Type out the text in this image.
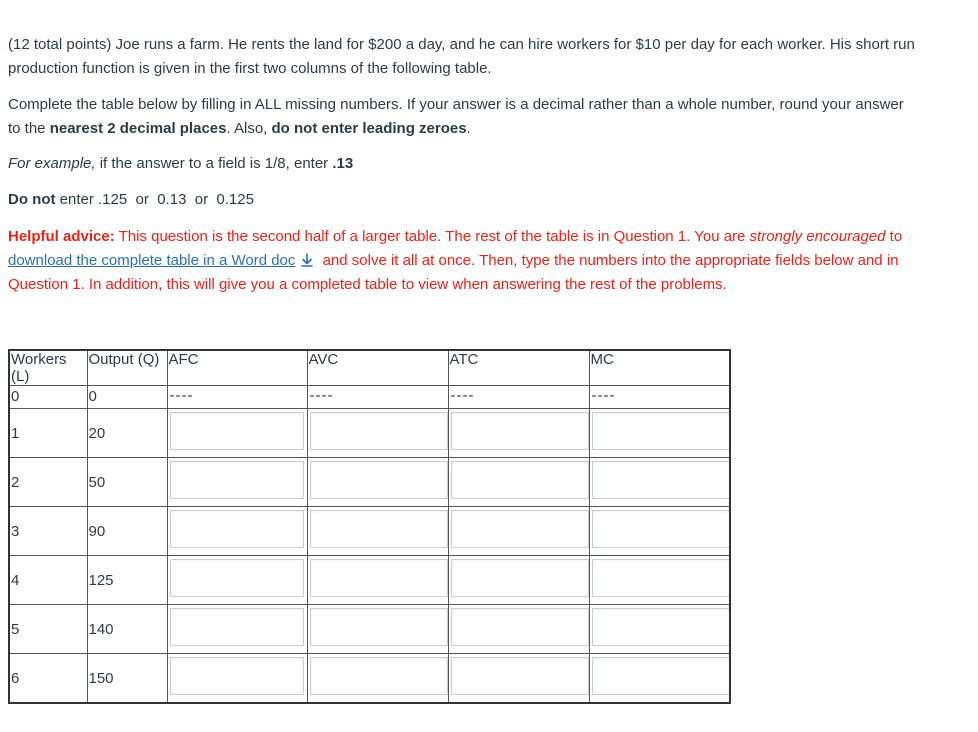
(12 total points) Joe runs a farm. He rents the land for $200 a day, and he can hire workers for $10 per day for each worker. His short run
production function is given in the first two columns of the following table.

Complete the table below by filling in ALL missing numbers. If your answer is a decimal rather than a whole number, round your answer
to the nearest 2 decimal places. Also, do not enter leading zeroes.

For example, if the answer to a field is 1/8, enter .13

Do not enter .125  or  0.13  or  0.125

Helpful advice: This question is the second half of a larger table. The rest of the table is in Question 1. You are strongly encouraged to
download the complete table in a Word doc and solve it all at once. Then, type the numbers into the appropriate fields below and in
Question 1. In addition, this will give you a completed table to view when answering the rest of the problems.

Workers (L)	Output (Q)	AFC	AVC	ATC	MC

0	0	----	----	----	----

1	20

2	50

3	90

4	125

5	140

6	150
